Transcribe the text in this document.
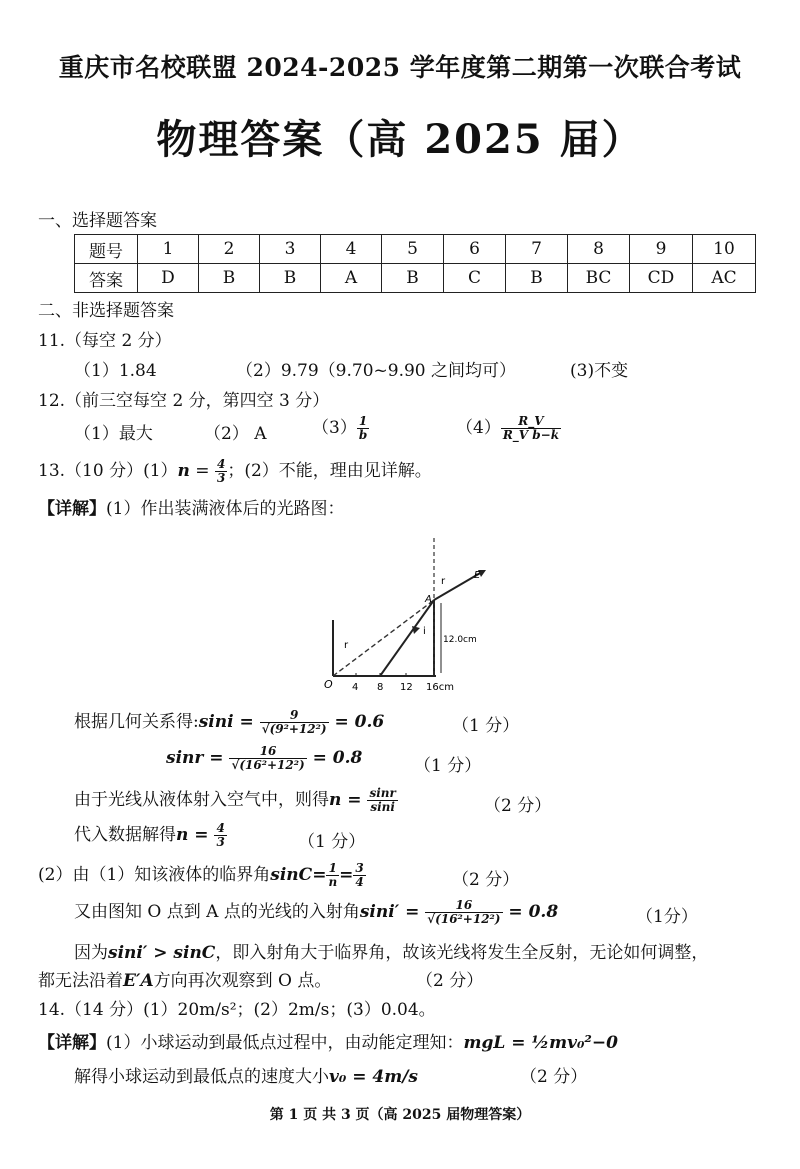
重庆市名校联盟 2024-2025 学年度第二期第一次联合考试
物理答案（高 2025 届）
一、选择题答案
题号	1	2	3	4	5	6	7	8	9	10
答案	D	B	B	A	B	C	B	BC	CD	AC
二、非选择题答案
11.（每空 2 分）
（1）1.84	（2）9.79（9.70~9.90 之间均可）	(3)不变
12.（前三空每空 2 分，第四空 3 分）
（1）最大	（2） A	$(3) \frac{1}{b}$	$(4) \frac{R\_V}{\text{R\_V b−k}}$
13.（10 分）$(1)n = \frac{4}{3}$ ；(2）不能，理由见详解。
【详解】(1）作出装满液体后的光路图：
O 4 8 12 16cm
A
E
r
r
i
12.0cm
根据几何关系得:sini = $\frac{9}{\text{√(9²+12²)}} = 0.6$	（1 分）
$\sin r = \frac{16}{\text{√(16²+12²)}} = 0.8$	（1 分）
由于光线从液体射入空气中，则得$n = \frac{\sin r}{\sin i}$	（2 分）
代入数据解得$n = \frac{4}{3}$	（1 分）
(2）由（1）知该液体的临界角$\sin C= \frac{1}{n} = \frac{3}{4}$	（2 分）
又由图知 O 点到 A 点的光线的入射角$\sin i' = \frac{16}{\text{√(16²+12²)}} = 0.8$	（1分）
因为sini′ > sinC，即入射角大于临界角，故该光线将发生全反射，无论如何调整，
都无法沿着E′A方向再次观察到 O 点。	（2 分）
14.（14 分）(1）20m/s²；(2）2m/s；(3）0.04。
【详解】(1）小球运动到最低点过程中，由动能定理知：mgL = ½mv₀²−0
解得小球运动到最低点的速度大小v₀ = 4m/s	（2 分）
第 1 页 共 3 页（高 2025 届物理答案）
